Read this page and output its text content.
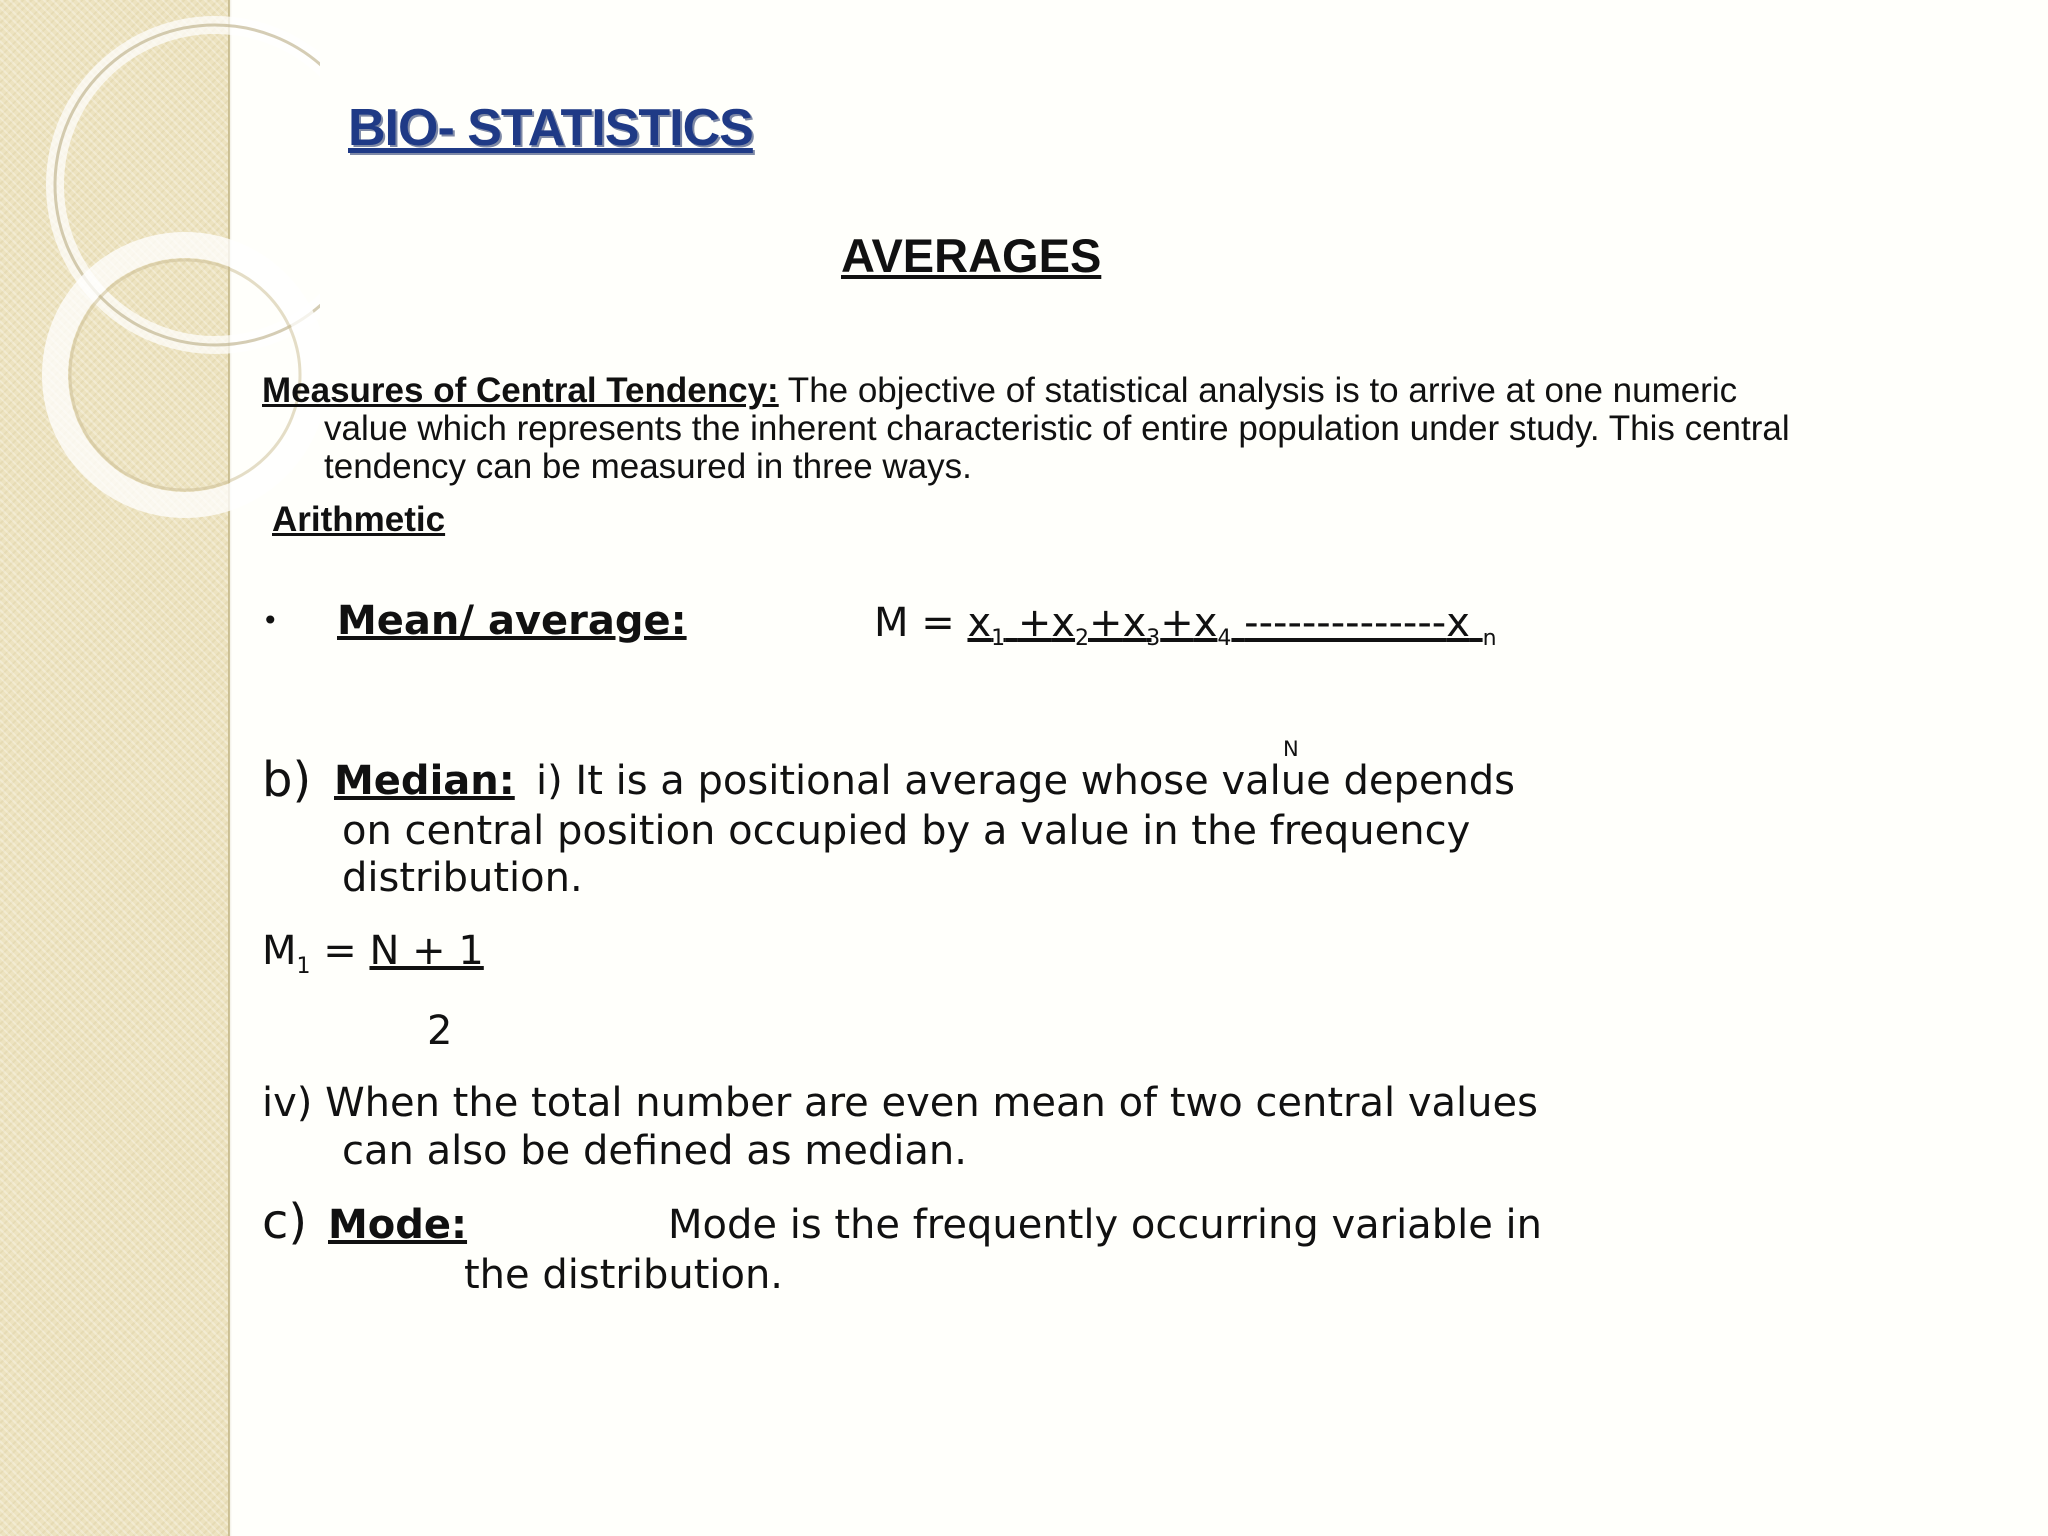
BIO- STATISTICS
AVERAGES
Measures of Central Tendency: The objective of statistical analysis is to arrive at one numeric
value which represents the inherent characteristic of entire population under study. This central
tendency can be measured in three ways.
Arithmetic
• Mean/ average:	$M = x_1 +x_2+x_3+x_4$ --------------x $_n$
N
b) Median: i) It is a positional average whose value depends
on central position occupied by a value in the frequency
distribution.
$M_1 = N + 1$
2
iv) When the total number are even mean of two central values
can also be defined as median.
c) Mode:	Mode is the frequently occurring variable in
the distribution.
